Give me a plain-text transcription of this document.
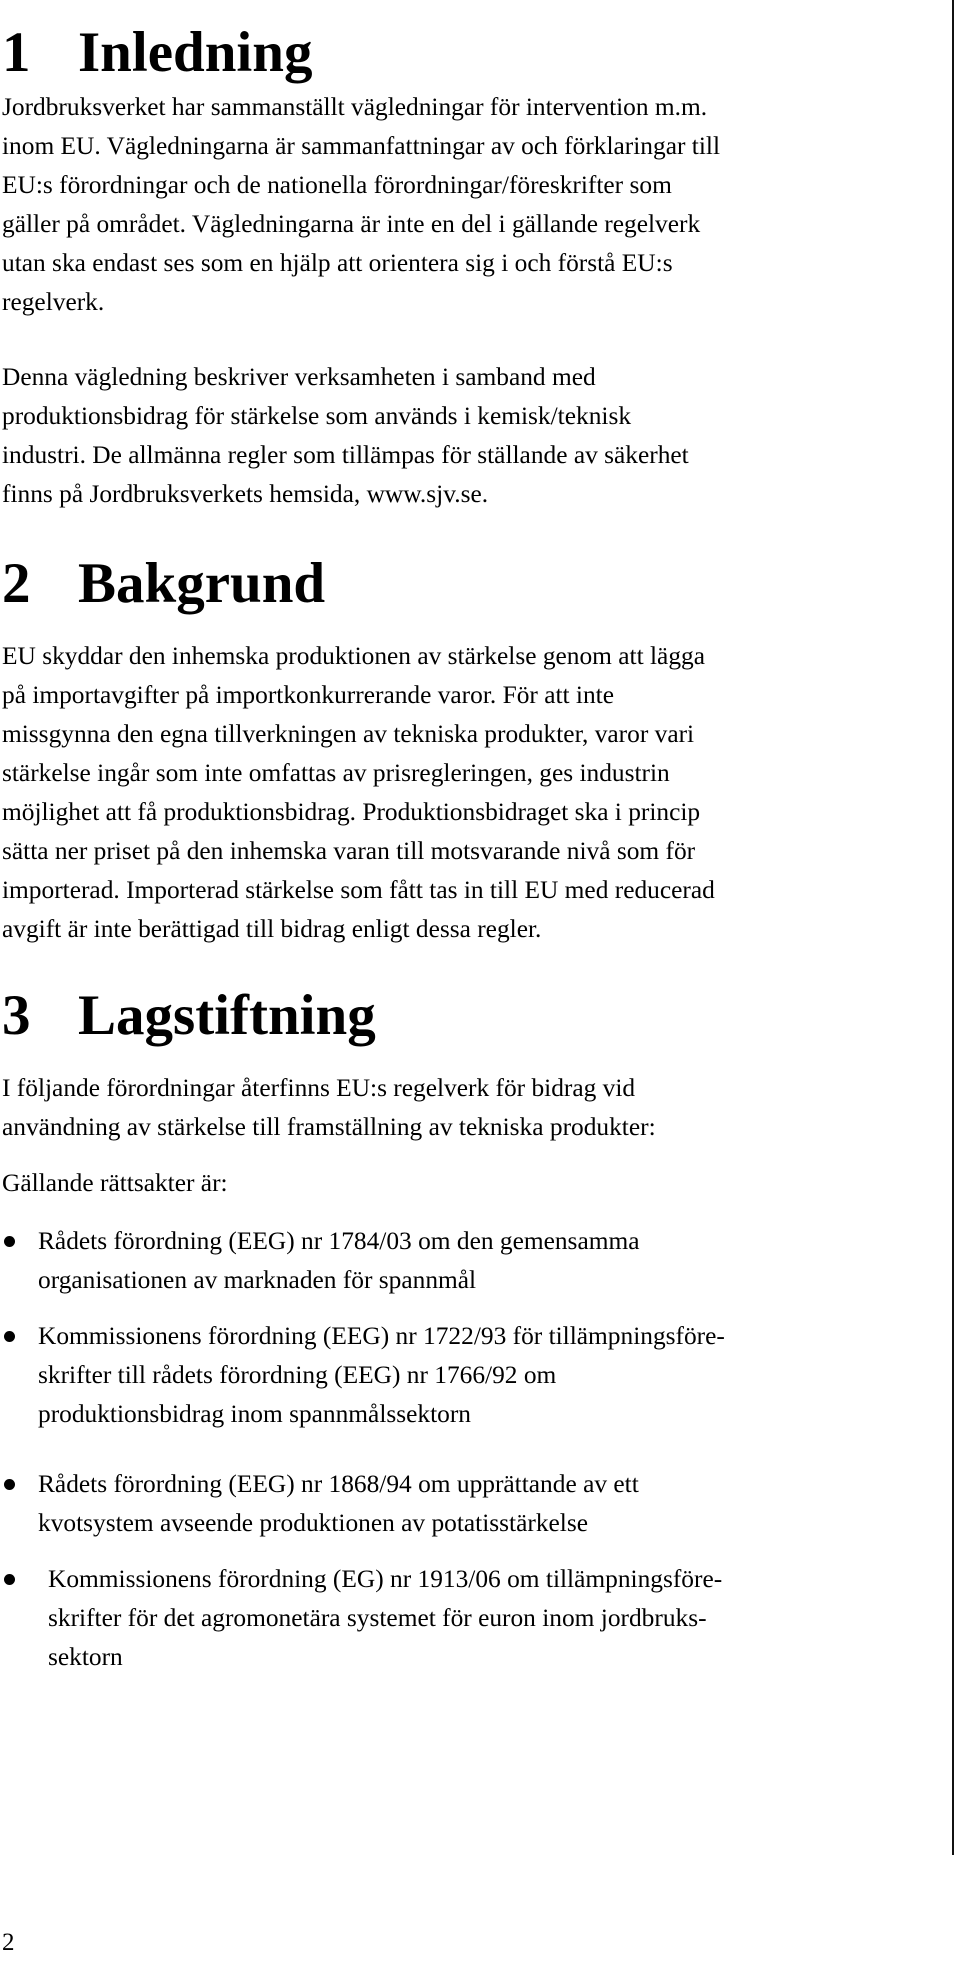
1 Inledning

Jordbruksverket har sammanställt vägledningar för intervention m.m.
inom EU. Vägledningarna är sammanfattningar av och förklaringar till
EU:s förordningar och de nationella förordningar/föreskrifter som
gäller på området. Vägledningarna är inte en del i gällande regelverk
utan ska endast ses som en hjälp att orientera sig i och förstå EU:s
regelverk.

Denna vägledning beskriver verksamheten i samband med
produktionsbidrag för stärkelse som används i kemisk/teknisk
industri. De allmänna regler som tillämpas för ställande av säkerhet
finns på Jordbruksverkets hemsida, www.sjv.se.

2 Bakgrund

EU skyddar den inhemska produktionen av stärkelse genom att lägga
på importavgifter på importkonkurrerande varor. För att inte
missgynna den egna tillverkningen av tekniska produkter, varor vari
stärkelse ingår som inte omfattas av prisregleringen, ges industrin
möjlighet att få produktionsbidrag. Produktionsbidraget ska i princip
sätta ner priset på den inhemska varan till motsvarande nivå som för
importerad. Importerad stärkelse som fått tas in till EU med reducerad
avgift är inte berättigad till bidrag enligt dessa regler.

3 Lagstiftning

I följande förordningar återfinns EU:s regelverk för bidrag vid
användning av stärkelse till framställning av tekniska produkter:

Gällande rättsakter är:

Rådets förordning (EEG) nr 1784/03 om den gemensamma
organisationen av marknaden för spannmål
Kommissionens förordning (EEG) nr 1722/93 för tillämpningsföre-
skrifter till rådets förordning (EEG) nr 1766/92 om
produktionsbidrag inom spannmålssektorn
Rådets förordning (EEG) nr 1868/94 om upprättande av ett
kvotsystem avseende produktionen av potatisstärkelse
Kommissionens förordning (EG) nr 1913/06 om tillämpningsföre-
skrifter för det agromonetära systemet för euron inom jordbruks-
sektorn

2
